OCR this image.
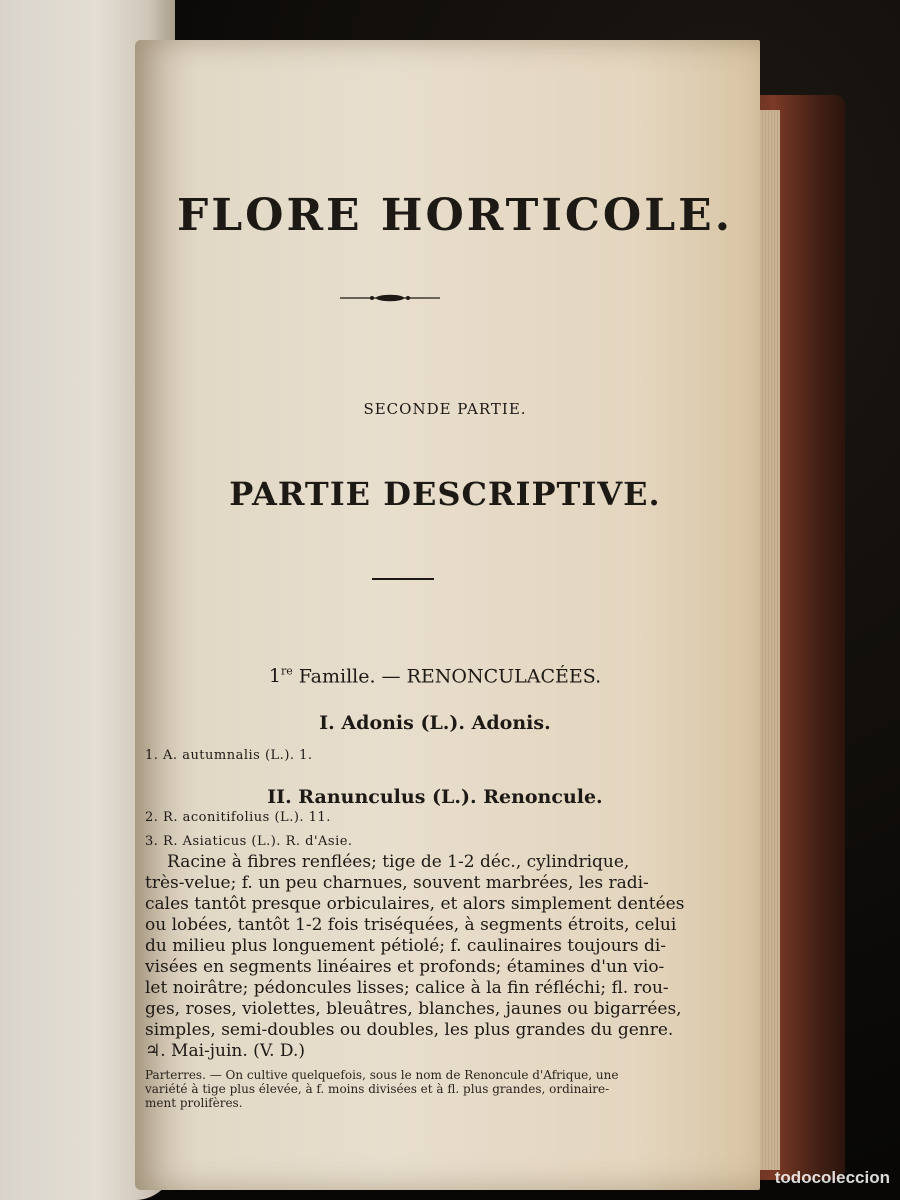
FLORE HORTICOLE.
SECONDE PARTIE.
PARTIE DESCRIPTIVE.
1re Famille. — RENONCULACÉES.
I. Adonis (L.). Adonis.
1. A. autumnalis (L.). 1.
II. Ranunculus (L.). Renoncule.
2. R. aconitifolius (L.). 11.
3. R. Asiaticus (L.). R. d'Asie.

Racine à fibres renflées; tige de 1-2 déc., cylindrique,

très-velue; f. un peu charnues, souvent marbrées, les radi-

cales tantôt presque orbiculaires, et alors simplement dentées

ou lobées, tantôt 1-2 fois triséquées, à segments étroits, celui

du milieu plus longuement pétiolé; f. caulinaires toujours di-

visées en segments linéaires et profonds; étamines d'un vio-

let noirâtre; pédoncules lisses; calice à la fin réfléchi; fl. rou-

ges, roses, violettes, bleuâtres, blanches, jaunes ou bigarrées,

simples, semi-doubles ou doubles, les plus grandes du genre.

♃. Mai-juin. (V. D.)

Parterres. — On cultive quelquefois, sous le nom de Renoncule d'Afrique, une

variété à tige plus élevée, à f. moins divisées et à fl. plus grandes, ordinaire-

ment prolifères.

todocoleccion
